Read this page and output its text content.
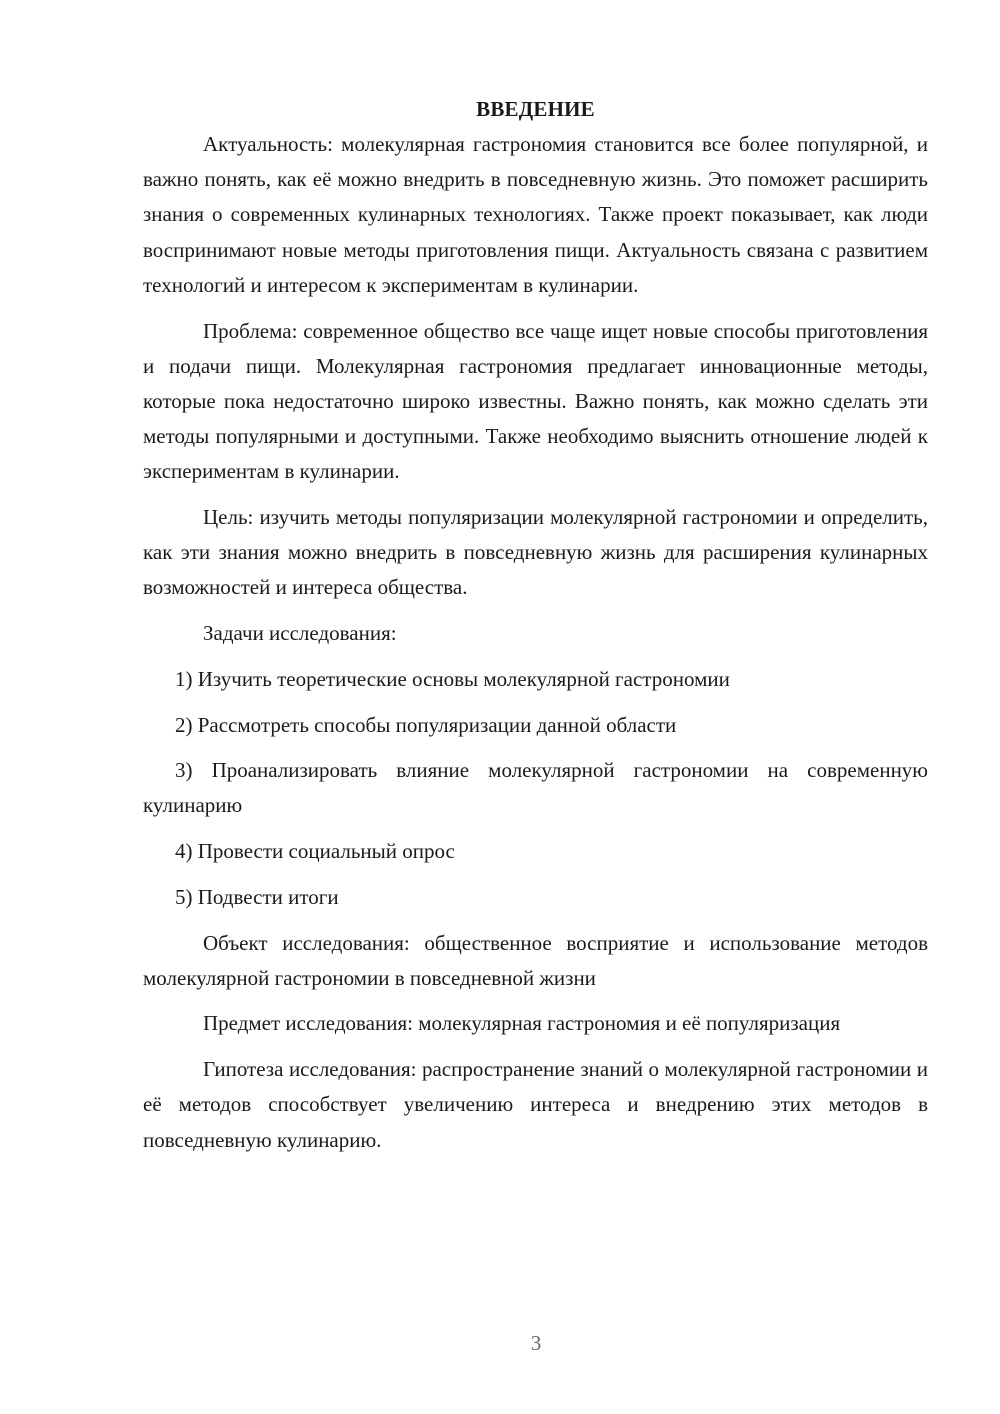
ВВЕДЕНИЕ

Актуальность: молекулярная гастрономия становится все более популярной, и важно понять, как её можно внедрить в повседневную жизнь. Это поможет расширить знания о современных кулинарных технологиях. Также проект показывает, как люди воспринимают новые методы приготовления пищи. Актуальность связана с развитием технологий и интересом к экспериментам в кулинарии.

Проблема: современное общество все чаще ищет новые способы приготовления и подачи пищи. Молекулярная гастрономия предлагает инновационные методы, которые пока недостаточно широко известны. Важно понять, как можно сделать эти методы популярными и доступными. Также необходимо выяснить отношение людей к экспериментам в кулинарии.

Цель: изучить методы популяризации молекулярной гастрономии и определить, как эти знания можно внедрить в повседневную жизнь для расширения кулинарных возможностей и интереса общества.

Задачи исследования:

1) Изучить теоретические основы молекулярной гастрономии

2) Рассмотреть способы популяризации данной области

3) Проанализировать влияние молекулярной гастрономии на современную кулинарию

4) Провести социальный опрос

5) Подвести итоги

Объект исследования: общественное восприятие и использование методов молекулярной гастрономии в повседневной жизни

Предмет исследования: молекулярная гастрономия и её популяризация

Гипотеза исследования: распространение знаний о молекулярной гастрономии и её методов способствует увеличению интереса и внедрению этих методов в повседневную кулинарию.

3
